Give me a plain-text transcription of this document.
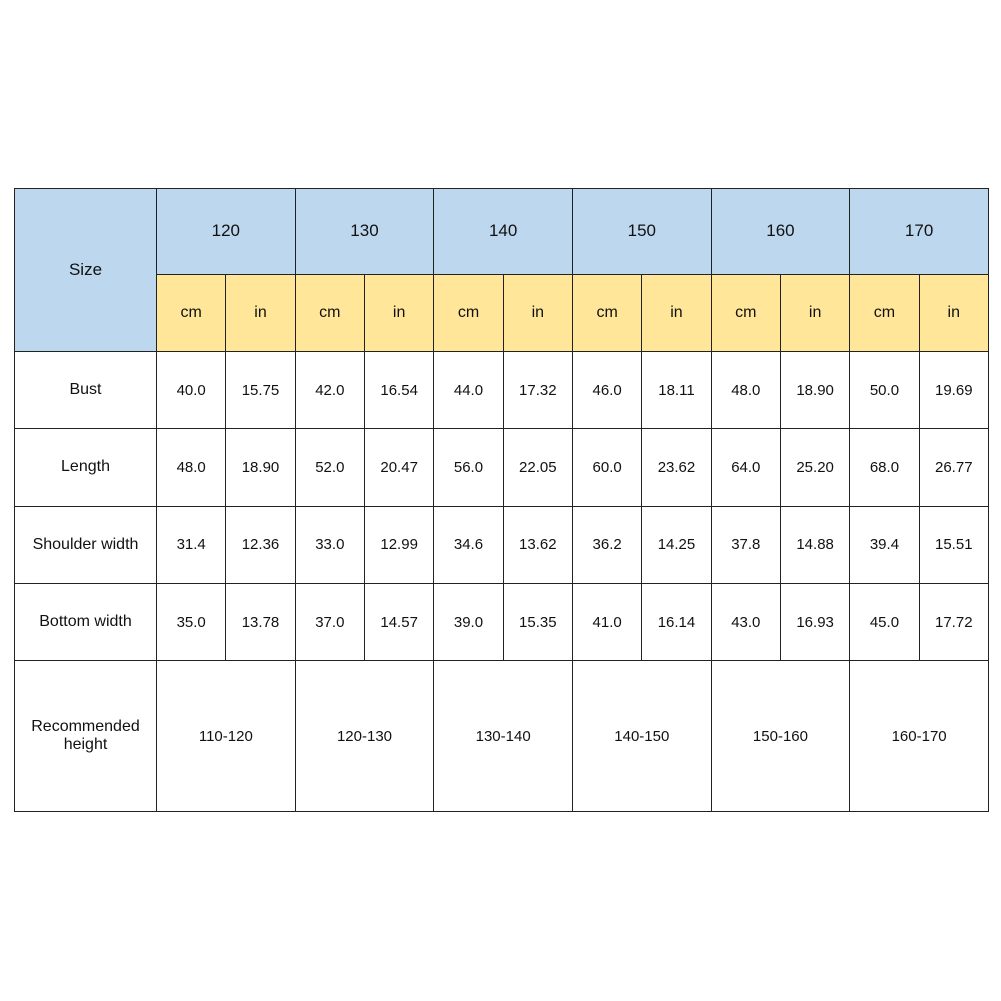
Size	120		130		140		150		160		170	
	cm	in	cm	in	cm	in	cm	in	cm	in	cm	in
Bust	40.0	15.75	42.0	16.54	44.0	17.32	46.0	18.11	48.0	18.90	50.0	19.69
Length	48.0	18.90	52.0	20.47	56.0	22.05	60.0	23.62	64.0	25.20	68.0	26.77
Shoulder width	31.4	12.36	33.0	12.99	34.6	13.62	36.2	14.25	37.8	14.88	39.4	15.51
Bottom width	35.0	13.78	37.0	14.57	39.0	15.35	41.0	16.14	43.0	16.93	45.0	17.72
Recommended height	110-120		120-130		130-140		140-150		150-160		160-170	
